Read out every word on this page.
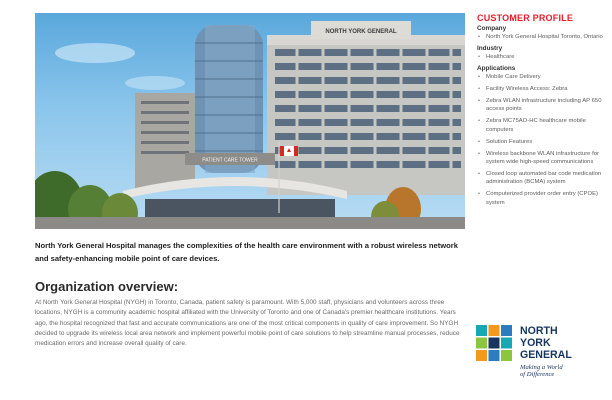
NORTH YORK GENERAL
PATIENT CARE TOWER

North York General Hospital manages the complexities of the health care environment with a robust wireless network and safety-enhancing mobile point of care devices.

Organization overview:

At North York General Hospital (NYGH) in Toronto, Canada, patient safety is paramount. With 5,000 staff, physicians and volunteers across three locations, NYGH is a community academic hospital affiliated with the University of Toronto and one of Canada's premier healthcare institutions. Years ago, the hospital recognized that fast and accurate communications are one of the most critical components in quality of care improvement. So NYGH decided to upgrade its wireless local area network and implement powerful mobile point of care solutions to help streamline manual processes, reduce medication errors and increase overall quality of care.

CUSTOMER PROFILE
Company
• North York General Hospital Toronto, Ontario
Industry
• Healthcare
Applications
• Mobile Care Delivery
• Facility Wireless Access: Zebra
• Zebra WLAN infrastructure including AP 650 access points
• Zebra MC75AO-HC healthcare mobile computers
• Solution Features
• Wireless backbone WLAN infrastructure for system wide high-speed communications
• Closed loop automated bar code medication administration (BCMA) system
• Computerized provider order entry (CPOE) system
NORTH
YORK
GENERAL
Making a World
of Difference
